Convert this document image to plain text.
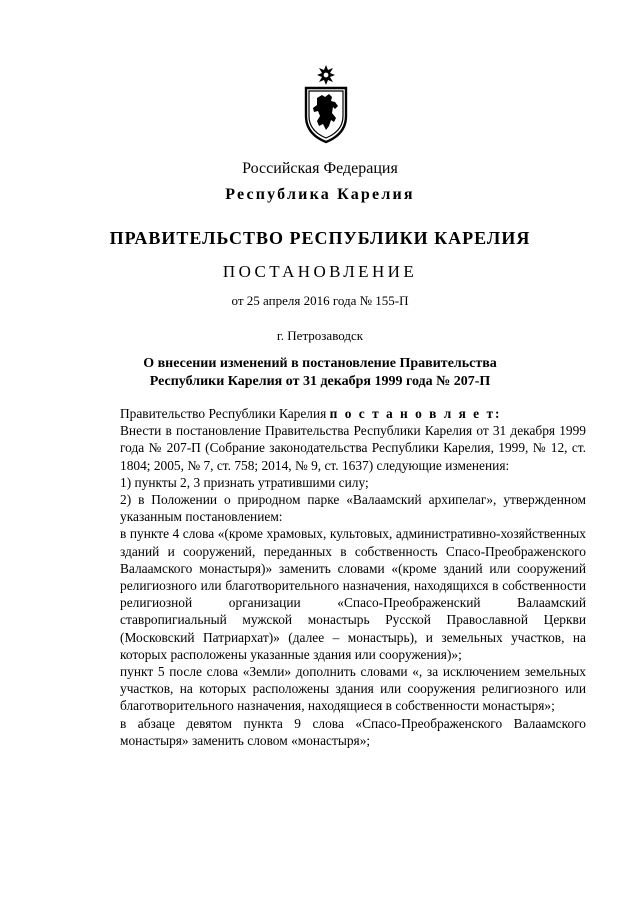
Российская Федерация
Республика Карелия
ПРАВИТЕЛЬСТВО РЕСПУБЛИКИ КАРЕЛИЯ
ПОСТАНОВЛЕНИЕ
от 25 апреля 2016 года № 155-П
г. Петрозаводск
О внесении изменений в постановление Правительства
Республики Карелия от 31 декабря 1999 года № 207-П

Правительство Республики Карелия п о с т а н о в л я е т:

Внести в постановление Правительства Республики Карелия от 31 декабря 1999 года № 207-П (Собрание законодательства Республики Карелия, 1999, № 12, ст. 1804; 2005, № 7, ст. 758; 2014, № 9, ст. 1637) следующие изменения:

1) пункты 2, 3 признать утратившими силу;

2) в Положении о природном парке «Валаамский архипелаг», утвержденном указанным постановлением:

в пункте 4 слова «(кроме храмовых, культовых, административно-хозяйственных зданий и сооружений, переданных в собственность Спасо-Преображенского Валаамского монастыря)» заменить словами «(кроме зданий или сооружений религиозного или благотворительного назначения, находящихся в собственности религиозной организации «Спасо-Преображенский Валаамский ставропигиальный мужской монастырь Русской Православной Церкви (Московский Патриархат)» (далее – монастырь), и земельных участков, на которых расположены указанные здания или сооружения)»;

пункт 5 после слова «Земли» дополнить словами «, за исключением земельных участков, на которых расположены здания или сооружения религиозного или благотворительного назначения, находящиеся в собственности монастыря»;

в абзаце девятом пункта 9 слова «Спасо-Преображенского Валаамского монастыря» заменить словом «монастыря»;
